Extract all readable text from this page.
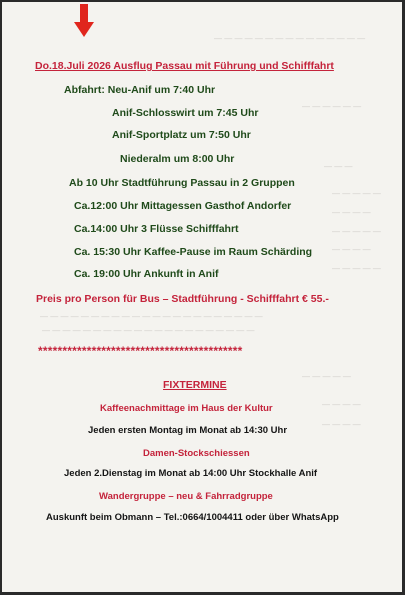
— — — — — — — — — — — — — — —
— — — — — —
— — —
— — — — —
— — — —
— — — — —
— — — —
— — — — —
— — — — — — — — — — — — — — — — — — — — — —
— — — — — — — — — — — — — — — — — — — — —
— — — — —
— — — —
— — — —
Do.18.Juli 2026 Ausflug Passau mit Führung und Schifffahrt
Abfahrt: Neu-Anif um 7:40 Uhr
Anif-Schlosswirt um 7:45 Uhr
Anif-Sportplatz um 7:50 Uhr
Niederalm um 8:00 Uhr
Ab 10 Uhr Stadtführung Passau in 2 Gruppen
Ca.12:00 Uhr Mittagessen Gasthof Andorfer
Ca.14:00 Uhr 3 Flüsse Schifffahrt
Ca. 15:30 Uhr Kaffee-Pause im Raum Schärding
Ca. 19:00 Uhr Ankunft in Anif
Preis pro Person für Bus – Stadtführung - Schifffahrt € 55.-
******************************************
FIXTERMINE
Kaffeenachmittage im Haus der Kultur
Jeden ersten Montag im Monat ab 14:30 Uhr
Damen-Stockschiessen
Jeden 2.Dienstag im Monat ab 14:00 Uhr Stockhalle Anif
Wandergruppe – neu & Fahrradgruppe
Auskunft beim Obmann – Tel.:0664/1004411 oder über WhatsApp
